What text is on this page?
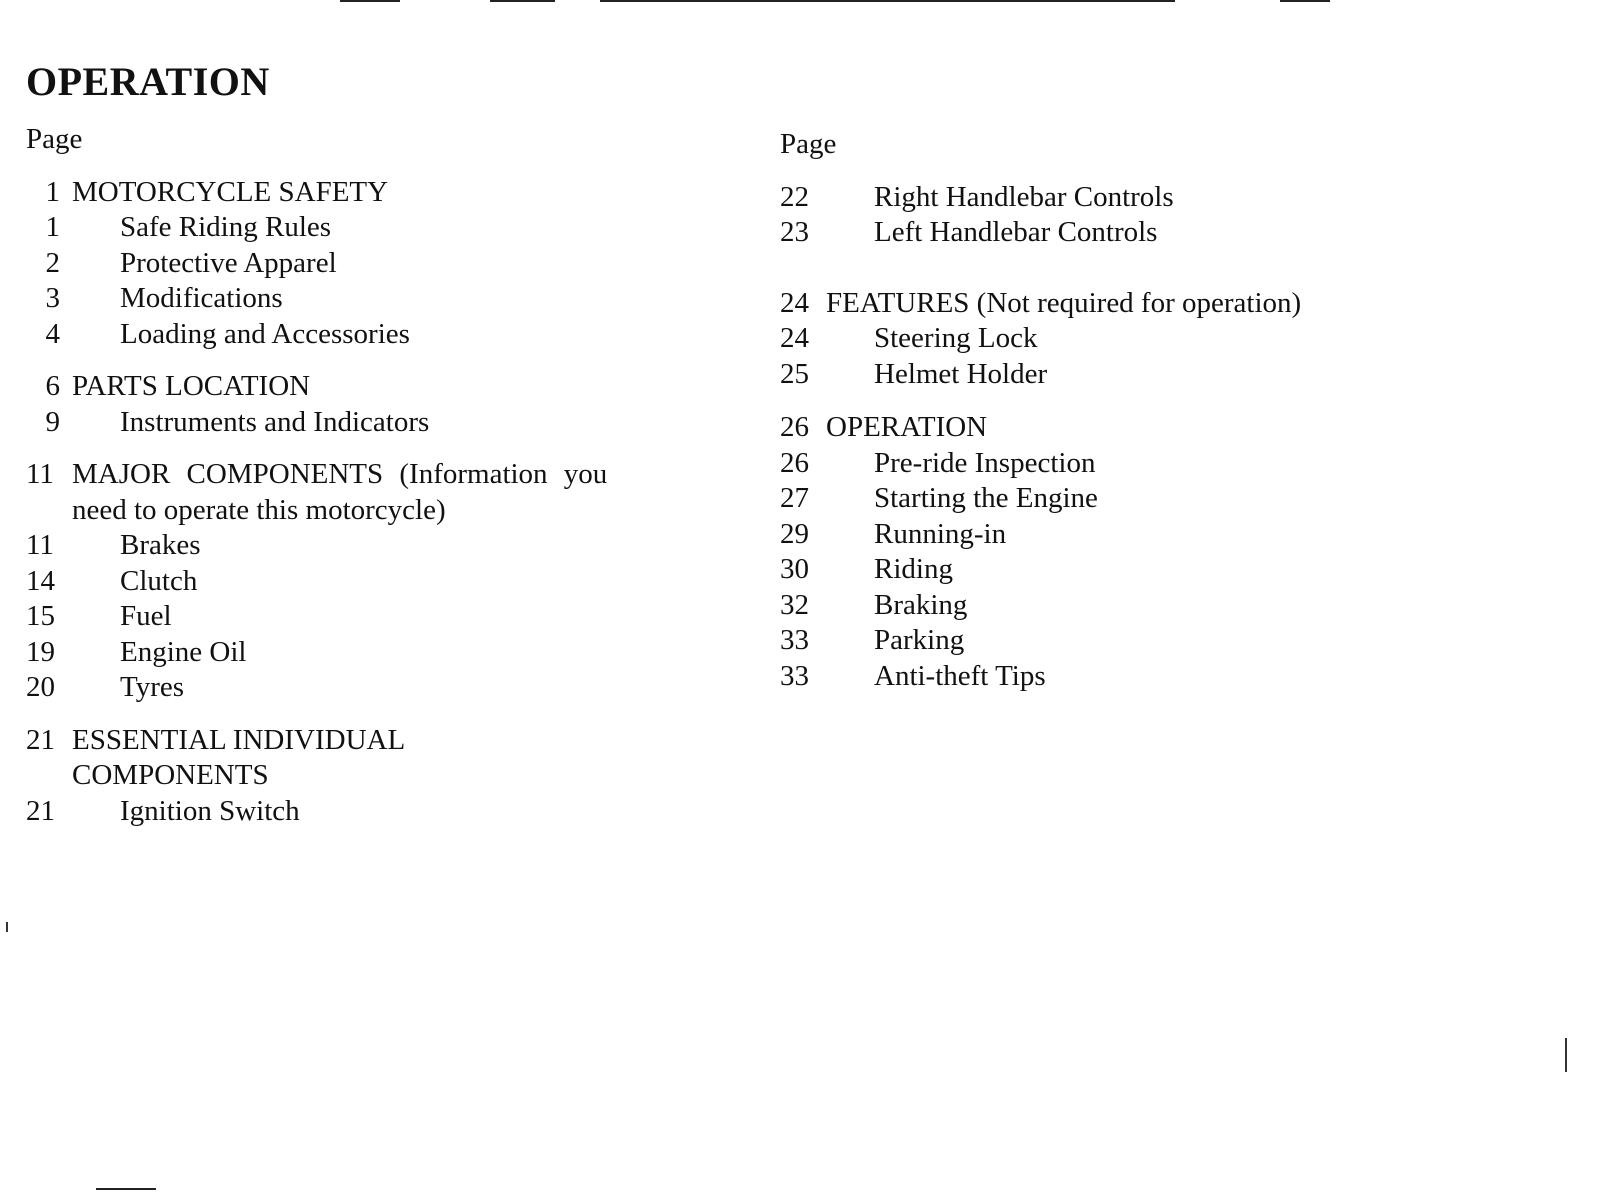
OPERATION
Page
1 MOTORCYCLE SAFETY
1	Safe Riding Rules
2	Protective Apparel
3	Modifications
4	Loading and Accessories
6 PARTS LOCATION
9	Instruments and Indicators
11 MAJOR COMPONENTS (Information you
need to operate this motorcycle)
11	Brakes
14	Clutch
15	Fuel
19	Engine Oil
20	Tyres
21 ESSENTIAL INDIVIDUAL
COMPONENTS
21	Ignition Switch
Page
22	Right Handlebar Controls
23	Left Handlebar Controls
24 FEATURES (Not required for operation)
24	Steering Lock
25	Helmet Holder
26 OPERATION
26	Pre-ride Inspection
27	Starting the Engine
29	Running-in
30	Riding
32	Braking
33	Parking
33	Anti-theft Tips
